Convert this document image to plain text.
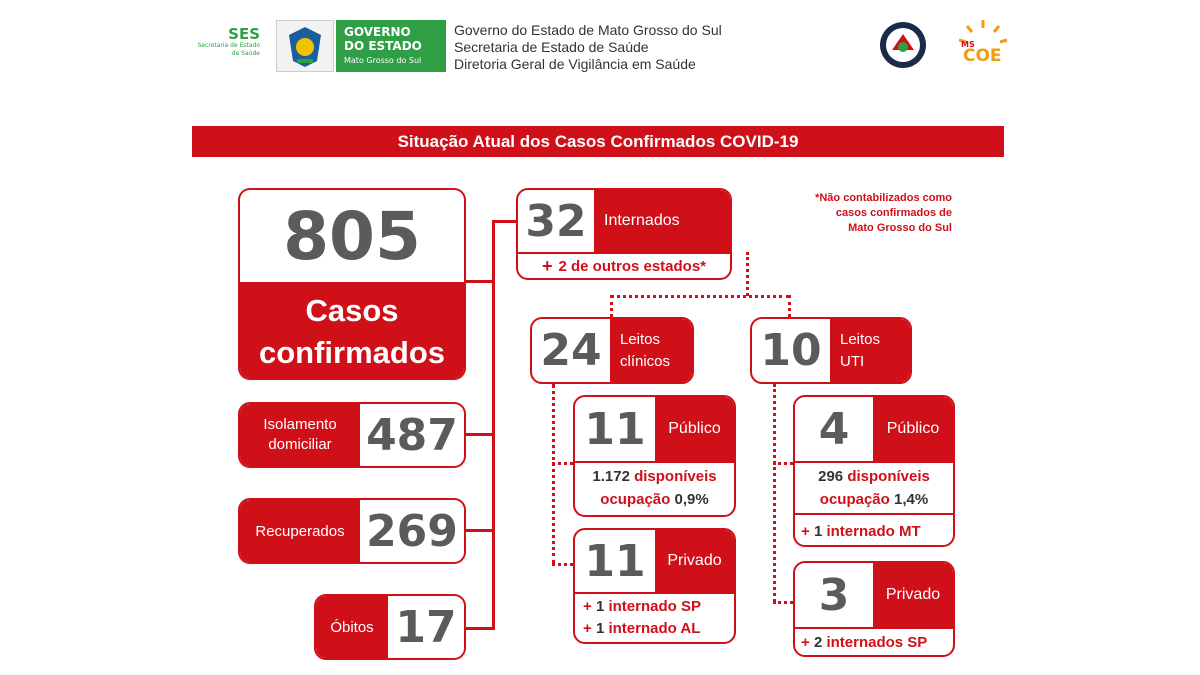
SES
Secretaria de Estado de Saúde
GOVERNO
DO ESTADO
Mato Grosso do Sul
Governo do Estado de Mato Grosso do Sul
Secretaria de Estado de Saúde
Diretoria Geral de Vigilância em Saúde
MS
COE
Situação Atual dos Casos Confirmados COVID-19
*Não contabilizados como
casos confirmados de
Mato Grosso do Sul
805
Casos
confirmados
Isolamento
domiciliar 487
Recuperados 269
Óbitos 17
32	Internados
+ 2 de outros estados*
24	Leitos
clínicos	10	Leitos
UTI
11	Público
1.172 disponíveis
ocupação 0,9%
11	Privado
+ 1 internado SP
+ 1 internado AL
4	Público
296 disponíveis
ocupação 1,4%
+
1
internado MT
3	Privado
+
2
internados SP
